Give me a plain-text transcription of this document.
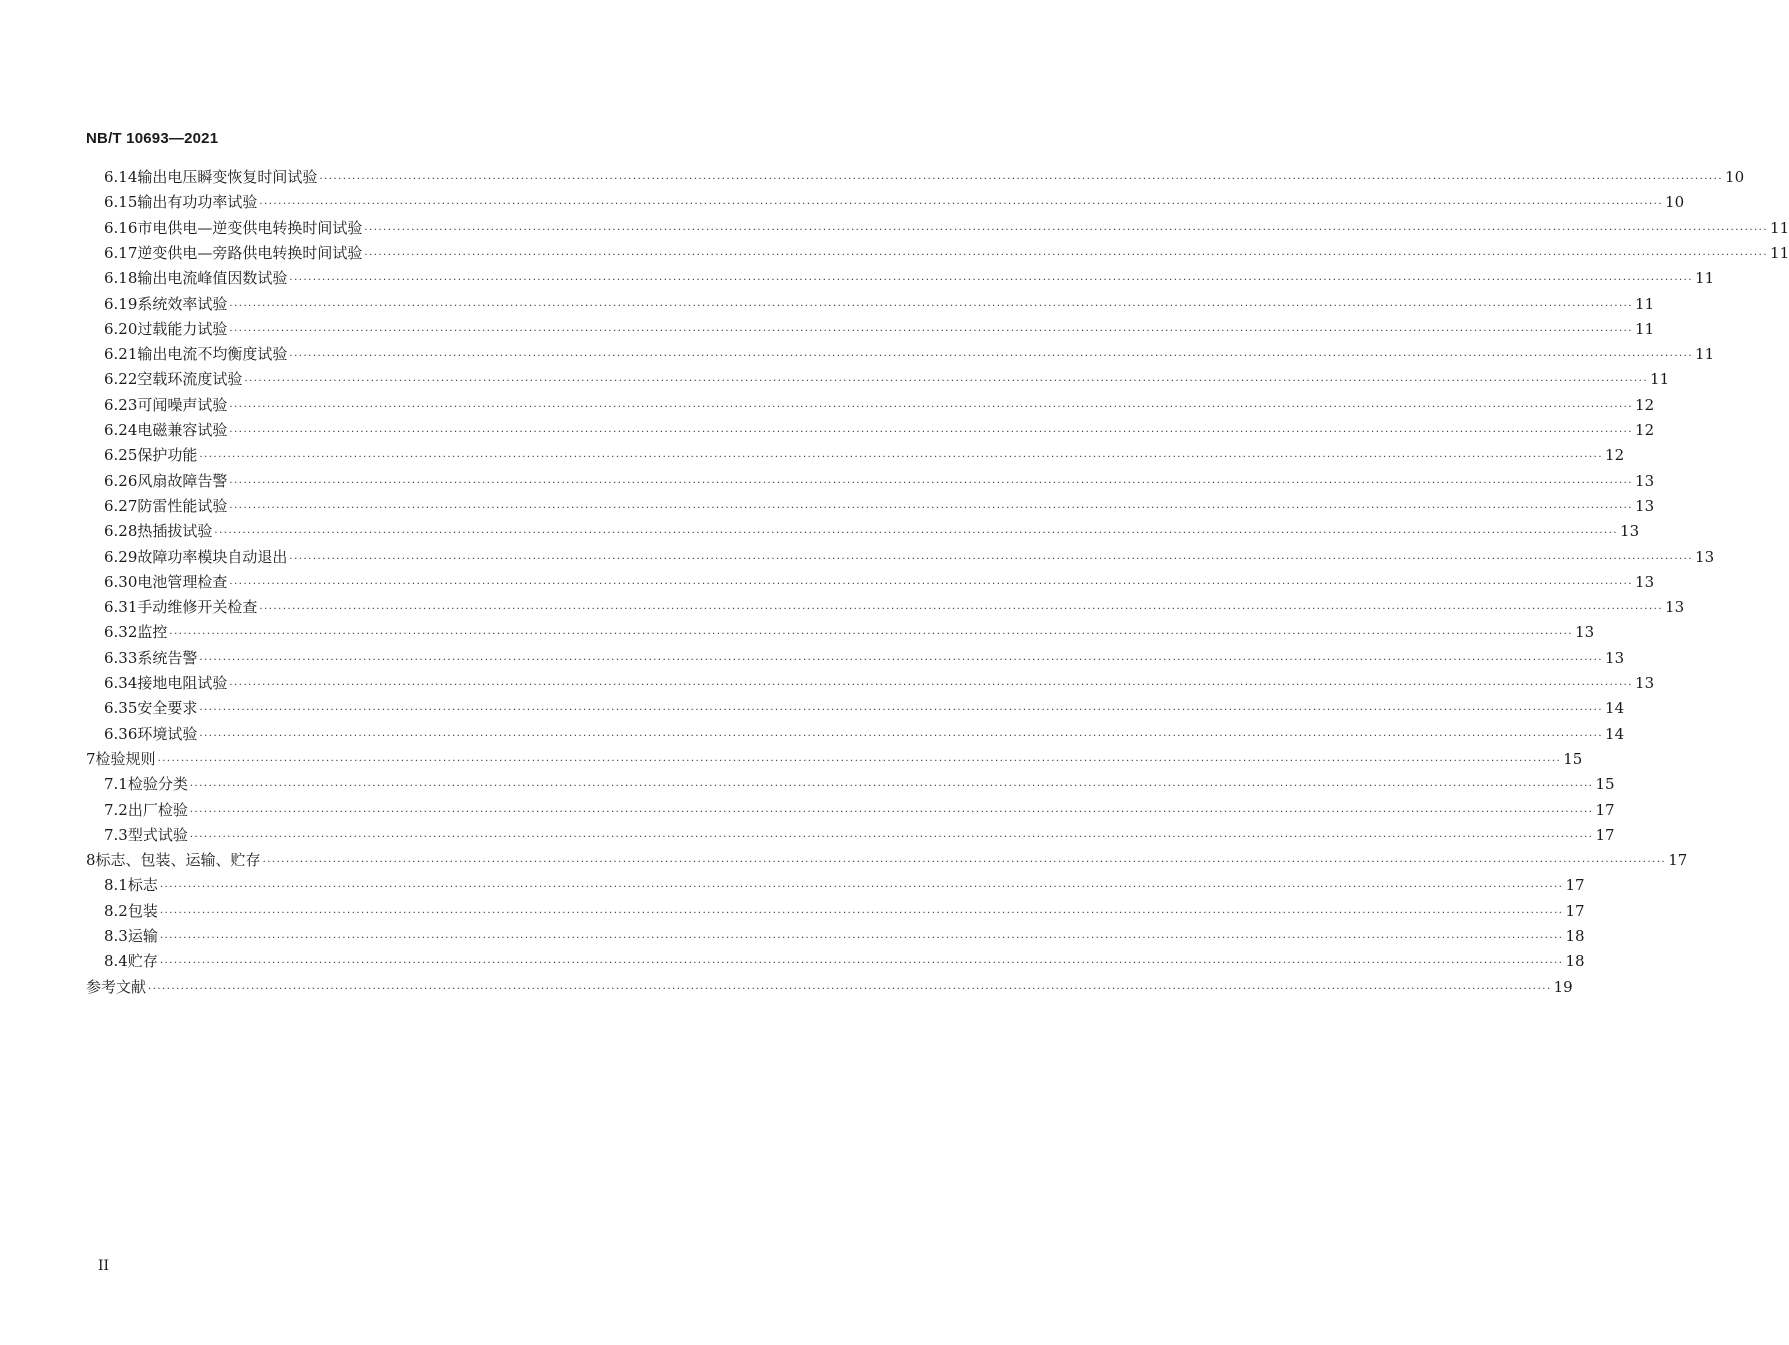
NB/T 10693—2021
6.14 输出电压瞬变恢复时间试验 ············································································································································································································································································································ 10
6.15 输出有功功率试验 ············································································································································································································································································································ 10
6.16 市电供电—逆变供电转换时间试验 ············································································································································································································································································································ 11
6.17 逆变供电—旁路供电转换时间试验 ············································································································································································································································································································ 11
6.18 输出电流峰值因数试验 ············································································································································································································································································································ 11
6.19 系统效率试验 ············································································································································································································································································································ 11
6.20 过载能力试验 ············································································································································································································································································································ 11
6.21 输出电流不均衡度试验 ············································································································································································································································································································ 11
6.22 空载环流度试验 ············································································································································································································································································································ 11
6.23 可闻噪声试验 ············································································································································································································································································································ 12
6.24 电磁兼容试验 ············································································································································································································································································································ 12
6.25 保护功能 ············································································································································································································································································································ 12
6.26 风扇故障告警 ············································································································································································································································································································ 13
6.27 防雷性能试验 ············································································································································································································································································································ 13
6.28 热插拔试验 ············································································································································································································································································································ 13
6.29 故障功率模块自动退出 ············································································································································································································································································································ 13
6.30 电池管理检查 ············································································································································································································································································································ 13
6.31 手动维修开关检查 ············································································································································································································································································································ 13
6.32 监控 ············································································································································································································································································································ 13
6.33 系统告警 ············································································································································································································································································································ 13
6.34 接地电阻试验 ············································································································································································································································································································ 13
6.35 安全要求 ············································································································································································································································································································ 14
6.36 环境试验 ············································································································································································································································································································ 14
7 检验规则 ············································································································································································································································································································ 15
7.1 检验分类 ············································································································································································································································································································ 15
7.2 出厂检验 ············································································································································································································································································································ 17
7.3 型式试验 ············································································································································································································································································································ 17
8 标志、包装、运输、贮存 ············································································································································································································································································································ 17
8.1 标志 ············································································································································································································································································································ 17
8.2 包装 ············································································································································································································································································································ 17
8.3 运输 ············································································································································································································································································································ 18
8.4 贮存 ············································································································································································································································································································ 18
参考文献 ············································································································································································································································································································ 19
II
